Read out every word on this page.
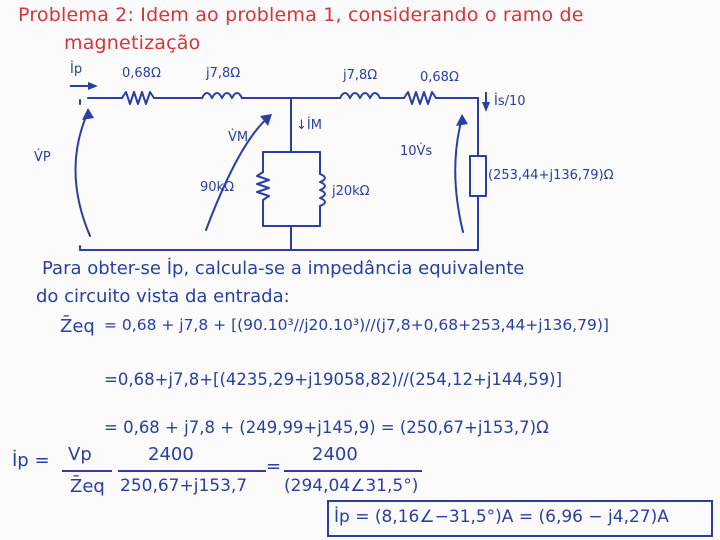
Problema 2: Idem ao problema 1, considerando o ramo de
magnetização
İp	0,68Ω	j7,8Ω	j7,8Ω	0,68Ω
İs/10
↓İM
V̇M
V̇P
90kΩ	j20kΩ
10V̇s
(253,44+j136,79)Ω
Para obter-se İp, calcula-se a impedância equivalente
do circuito vista da entrada:
Z̄eq = 0,68 + j7,8 + [(90.10³//j20.10³)//(j7,8+0,68+253,44+j136,79)]
=0,68+j7,8+[(4235,29+j19058,82)//(254,12+j144,59)]
= 0,68 + j7,8 + (249,99+j145,9) = (250,67+j153,7)Ω
İp = Vp
Z̄eq
2400
250,67+j153,7
=
2400
(294,04∠31,5°)
İp = (8,16∠−31,5°)A = (6,96 − j4,27)A
